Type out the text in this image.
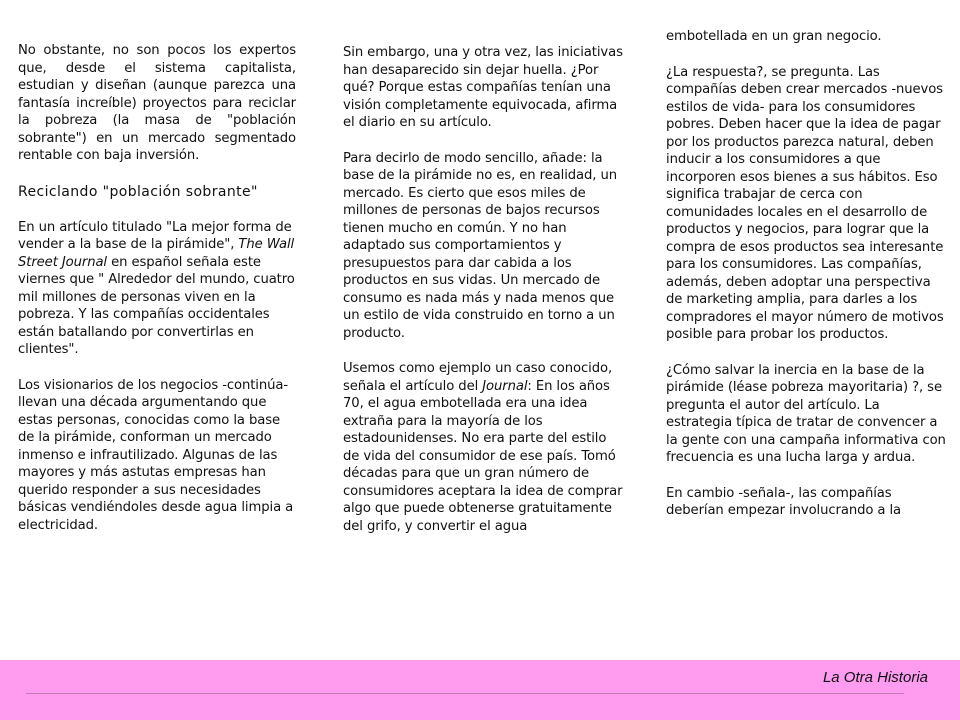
No obstante, no son pocos los expertos que, desde el sistema capitalista, estudian y diseñan (aunque parezca una fantasía increíble) proyectos para reciclar la pobreza (la masa de "población sobrante") en un mercado segmentado rentable con baja inversión.

Reciclando "población sobrante"

En un artículo titulado "La mejor forma de vender a la base de la pirámide", The Wall Street Journal en español señala este viernes que " Alrededor del mundo, cuatro mil millones de personas viven en la pobreza. Y las compañías occidentales están batallando por convertirlas en clientes".

Los visionarios de los negocios -continúa- llevan una década argumentando que estas personas, conocidas como la base de la pirámide, conforman un mercado inmenso e infrautilizado. Algunas de las mayores y más astutas empresas han querido responder a sus necesidades básicas vendiéndoles desde agua limpia a electricidad.

Sin embargo, una y otra vez, las iniciativas han desaparecido sin dejar huella. ¿Por qué? Porque estas compañías tenían una visión completamente equivocada, afirma el diario en su artículo.

Para decirlo de modo sencillo, añade: la base de la pirámide no es, en realidad, un mercado. Es cierto que esos miles de millones de personas de bajos recursos tienen mucho en común. Y no han adaptado sus comportamientos y presupuestos para dar cabida a los productos en sus vidas. Un mercado de consumo es nada más y nada menos que un estilo de vida construido en torno a un producto.

Usemos como ejemplo un caso conocido, señala el artículo del Journal: En los años 70, el agua embotellada era una idea extraña para la mayoría de los estadounidenses. No era parte del estilo de vida del consumidor de ese país. Tomó décadas para que un gran número de consumidores aceptara la idea de comprar algo que puede obtenerse gratuitamente del grifo, y convertir el agua

embotellada en un gran negocio.

¿La respuesta?, se pregunta. Las compañías deben crear mercados -nuevos estilos de vida- para los consumidores pobres. Deben hacer que la idea de pagar por los productos parezca natural, deben inducir a los consumidores a que incorporen esos bienes a sus hábitos. Eso significa trabajar de cerca con comunidades locales en el desarrollo de productos y negocios, para lograr que la compra de esos productos sea interesante para los consumidores. Las compañías, además, deben adoptar una perspectiva de marketing amplia, para darles a los compradores el mayor número de motivos posible para probar los productos.

¿Cómo salvar la inercia en la base de la pirámide (léase pobreza mayoritaria) ?, se pregunta el autor del artículo. La estrategia típica de tratar de convencer a la gente con una campaña informativa con frecuencia es una lucha larga y ardua.

En cambio -señala-, las compañías deberían empezar involucrando a la

La Otra Historia
